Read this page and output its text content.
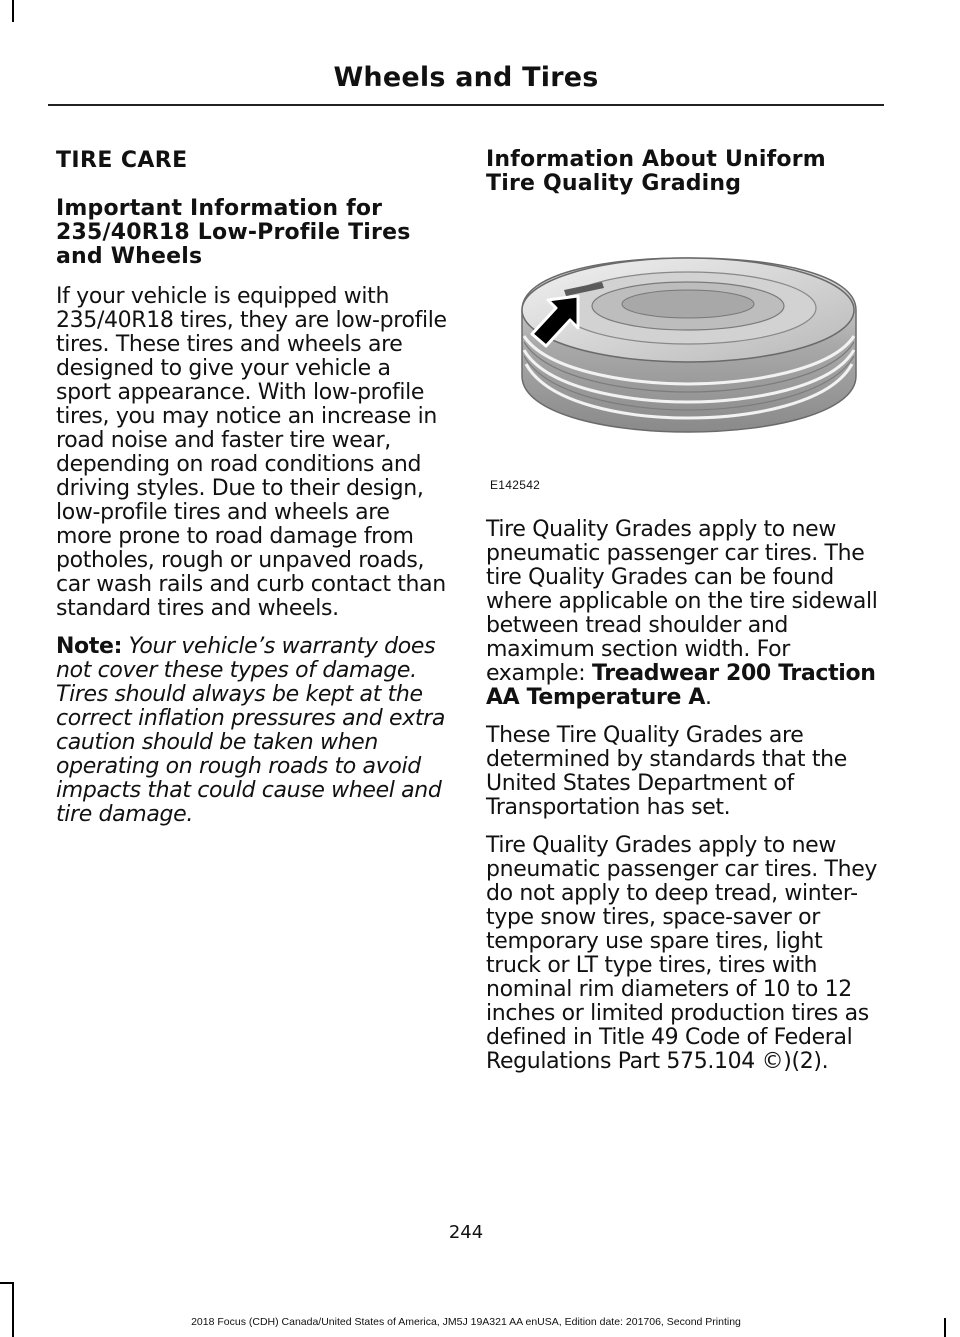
Wheels and Tires
TIRE CARE
Important Information for 235/40R18 Low-Profile Tires and Wheels

If your vehicle is equipped with 235/40R18 tires, they are low-profile tires. These tires and wheels are designed to give your vehicle a sport appearance. With low-profile tires, you may notice an increase in road noise and faster tire wear, depending on road conditions and driving styles. Due to their design, low-profile tires and wheels are more prone to road damage from potholes, rough or unpaved roads, car wash rails and curb contact than standard tires and wheels.

Note: Your vehicle’s warranty does not cover these types of damage. Tires should always be kept at the correct inflation pressures and extra caution should be taken when operating on rough roads to avoid impacts that could cause wheel and tire damage.

Information About Uniform Tire Quality Grading
E142542

Tire Quality Grades apply to new pneumatic passenger car tires. The tire Quality Grades can be found where applicable on the tire sidewall between tread shoulder and maximum section width. For example: Treadwear 200 Traction AA Temperature A.

These Tire Quality Grades are determined by standards that the United States Department of Transportation has set.

Tire Quality Grades apply to new pneumatic passenger car tires. They do not apply to deep tread, winter-type snow tires, space-saver or temporary use spare tires, light truck or LT type tires, tires with nominal rim diameters of 10 to 12 inches or limited production tires as defined in Title 49 Code of Federal Regulations Part 575.104 ©)(2).

244
2018 Focus (CDH) Canada/United States of America, JM5J 19A321 AA enUSA, Edition date: 201706, Second Printing
